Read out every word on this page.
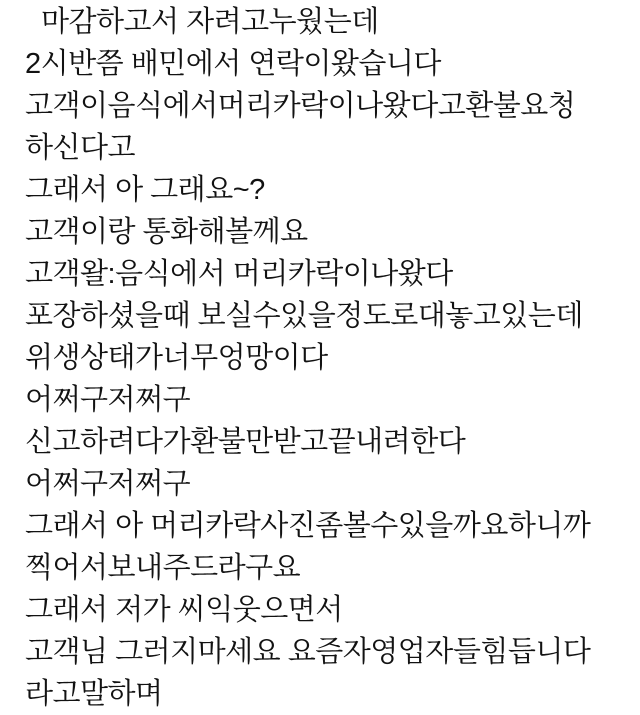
마감하고서 자려고누웠는데

2시반쯤 배민에서 연락이왔습니다

고객이음식에서머리카락이나왔다고환불요청

하신다고

그래서 아 그래요~?

고객이랑 통화해볼께요

고객왈:음식에서 머리카락이나왔다

포장하셨을때 보실수있을정도로대놓고있는데

위생상태가너무엉망이다

어쩌구저쩌구

신고하려다가환불만받고끝내려한다

어쩌구저쩌구

그래서 아 머리카락사진좀볼수있을까요하니까

찍어서보내주드라구요

그래서 저가 씨익웃으면서

고객님 그러지마세요 요즘자영업자들힘듭니다

라고말하며
